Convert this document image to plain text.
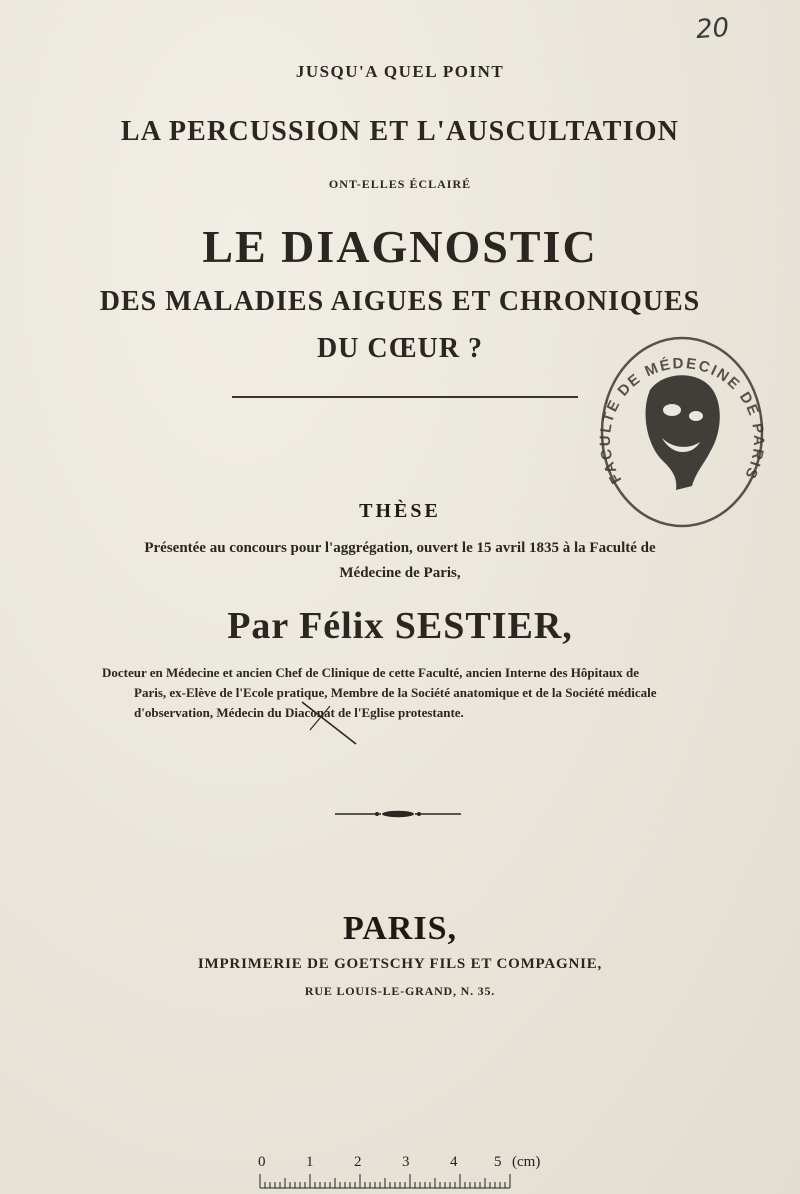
20
JUSQU'A QUEL POINT
LA PERCUSSION ET L'AUSCULTATION
ONT-ELLES ÉCLAIRÉ
LE DIAGNOSTIC
DES MALADIES AIGUES ET CHRONIQUES
DU CŒUR ?
FACULTÉ DE MÉDECINE DE PARIS
THÈSE
Présentée au concours pour l'aggrégation, ouvert le 15 avril 1835 à la Faculté de
Médecine de Paris,
Par Félix SESTIER,
Docteur en Médecine et ancien Chef de Clinique de cette Faculté, ancien Interne des Hôpitaux de
Paris, ex-Elève de l'Ecole pratique, Membre de la Société anatomique et de la Société médicale
d'observation, Médecin du Diaconat de l'Eglise protestante.
PARIS,
IMPRIMERIE DE GOETSCHY FILS ET COMPAGNIE,
RUE LOUIS-LE-GRAND, N. 35.
0	1	2	3	4 5 (cm)
